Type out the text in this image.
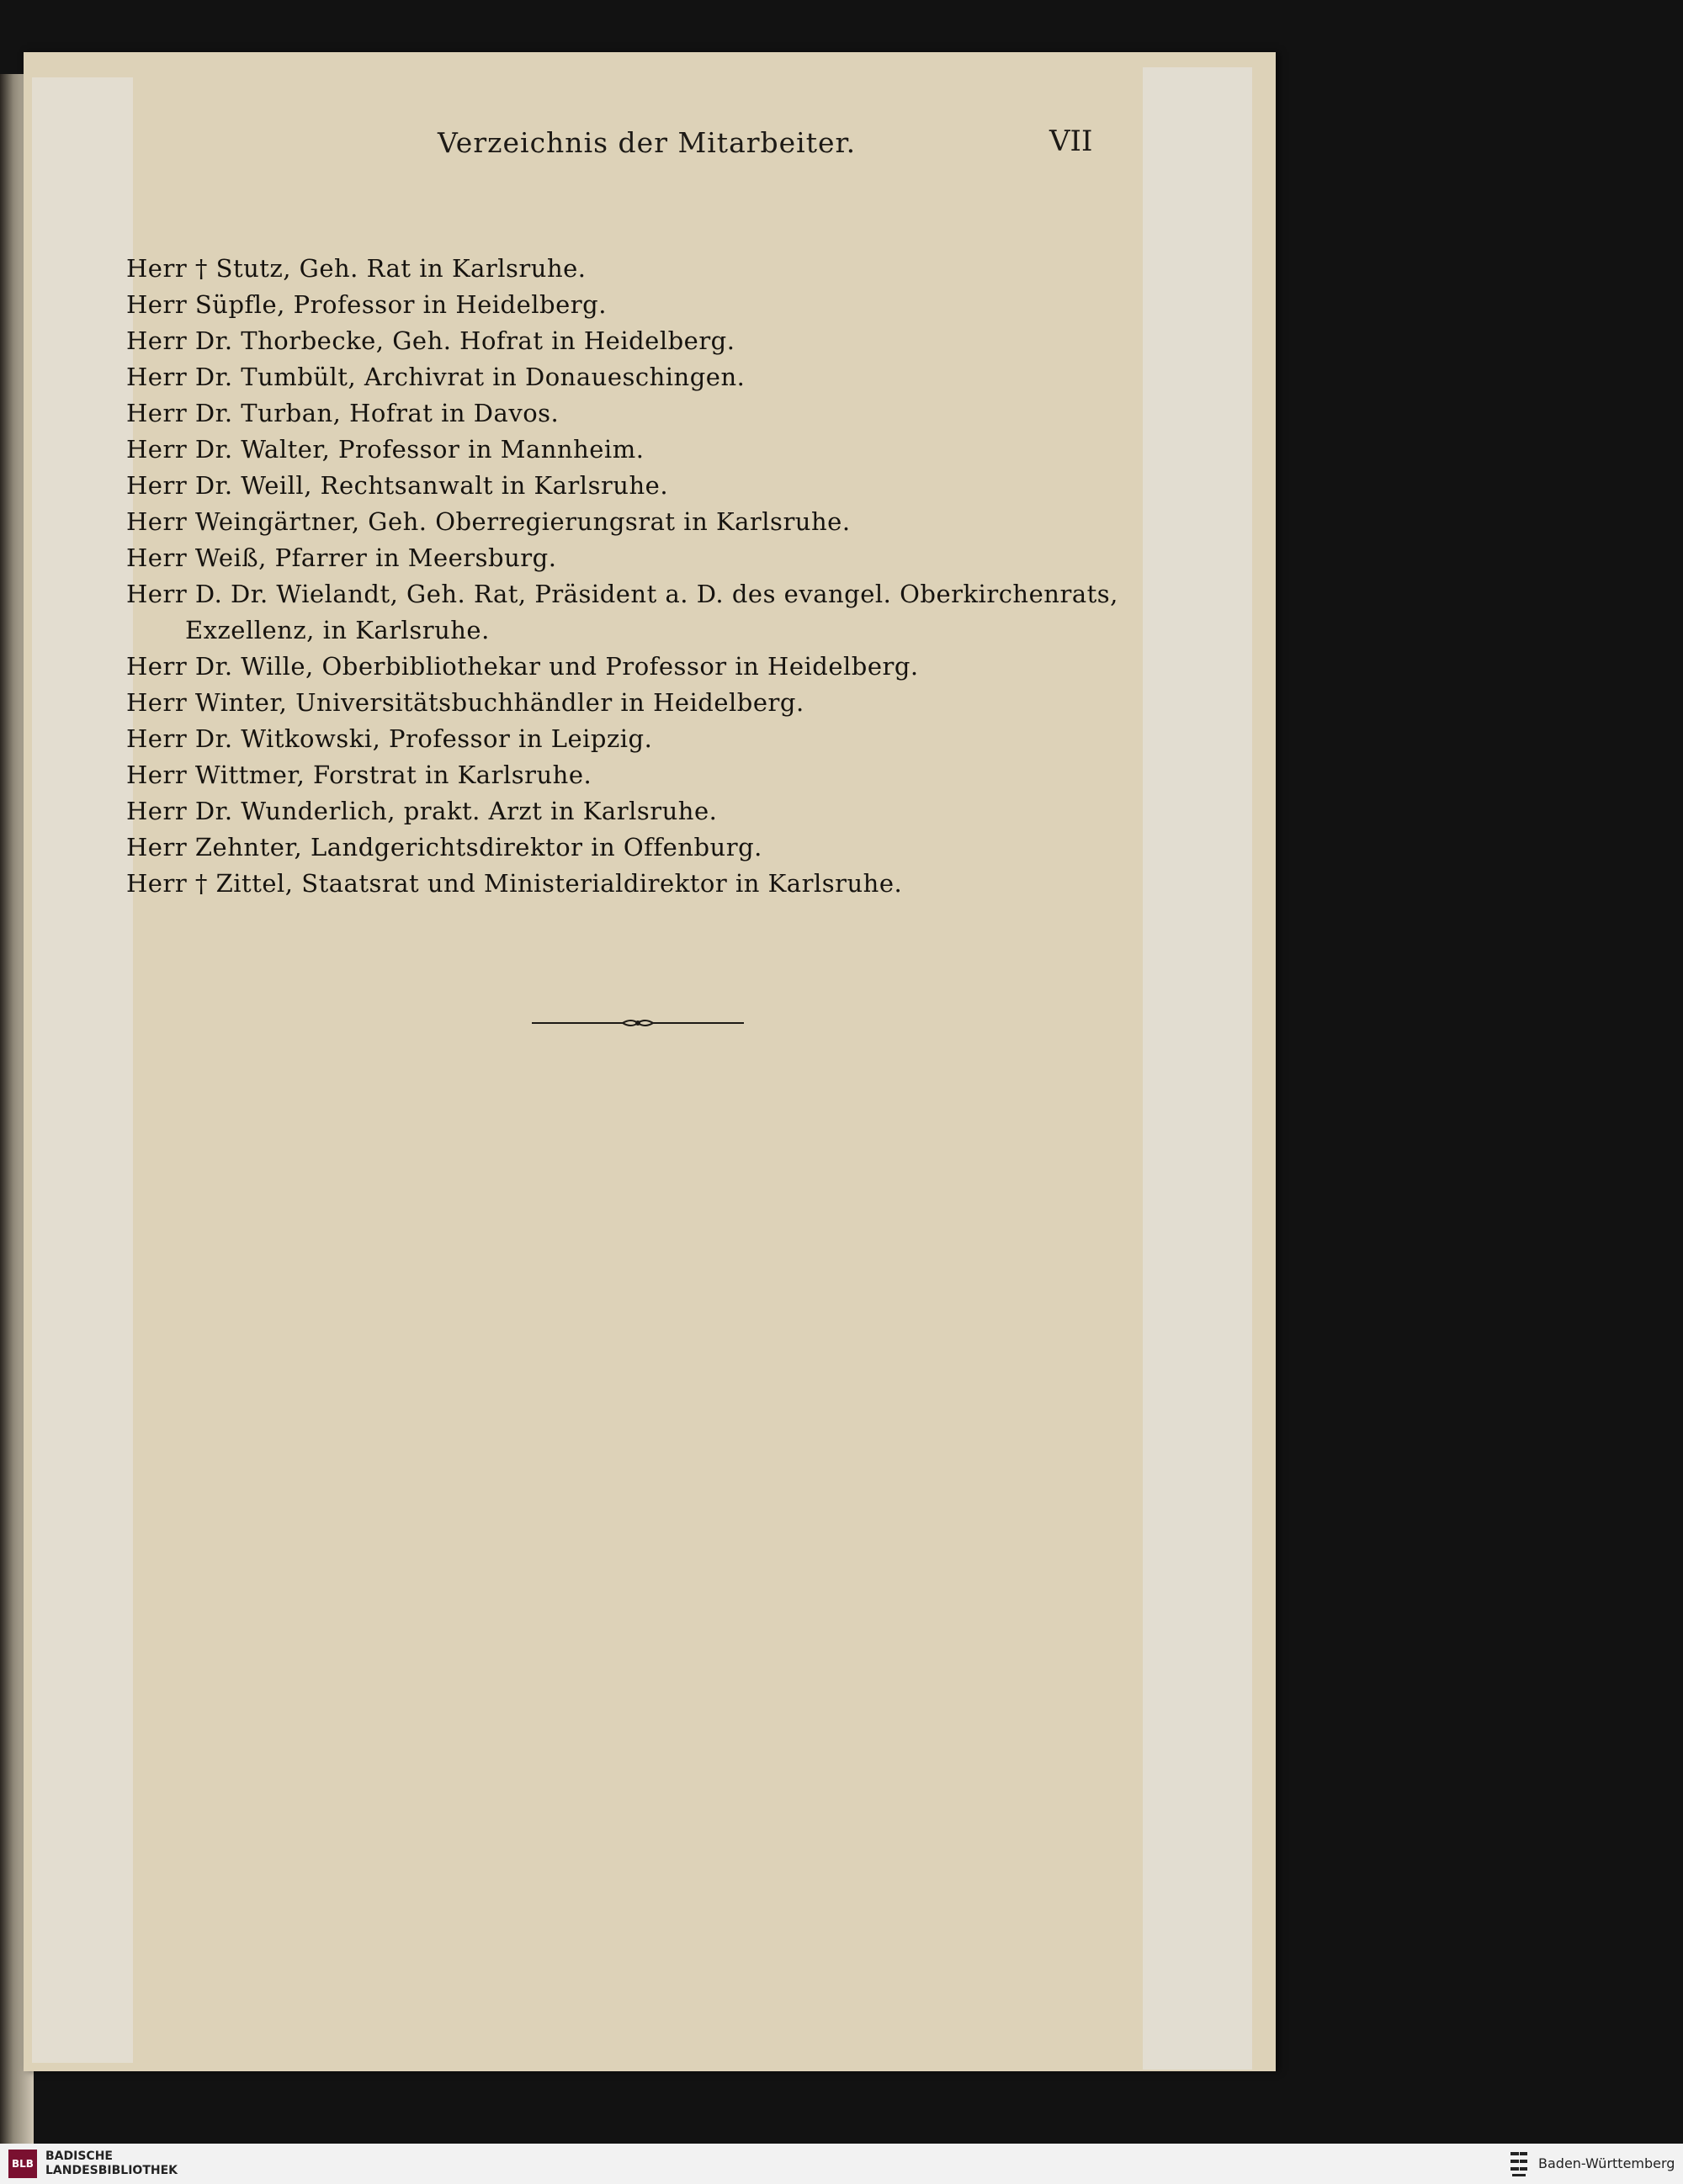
Verzeichnis der Mitarbeiter.	VII
Herr † Stutz, Geh. Rat in Karlsruhe.
Herr Süpfle, Professor in Heidelberg.
Herr Dr. Thorbecke, Geh. Hofrat in Heidelberg.
Herr Dr. Tumbült, Archivrat in Donaueschingen.
Herr Dr. Turban, Hofrat in Davos.
Herr Dr. Walter, Professor in Mannheim.
Herr Dr. Weill, Rechtsanwalt in Karlsruhe.
Herr Weingärtner, Geh. Oberregierungsrat in Karlsruhe.
Herr Weiß, Pfarrer in Meersburg.
Herr D. Dr. Wielandt, Geh. Rat, Präsident a. D. des evangel. Oberkirchenrats,
Exzellenz, in Karlsruhe.
Herr Dr. Wille, Oberbibliothekar und Professor in Heidelberg.
Herr Winter, Universitätsbuchhändler in Heidelberg.
Herr Dr. Witkowski, Professor in Leipzig.
Herr Wittmer, Forstrat in Karlsruhe.
Herr Dr. Wunderlich, prakt. Arzt in Karlsruhe.
Herr Zehnter, Landgerichtsdirektor in Offenburg.
Herr † Zittel, Staatsrat und Ministerialdirektor in Karlsruhe.
BLB
BADISCHE
LANDESBIBLIOTHEK	Baden-Württemberg
